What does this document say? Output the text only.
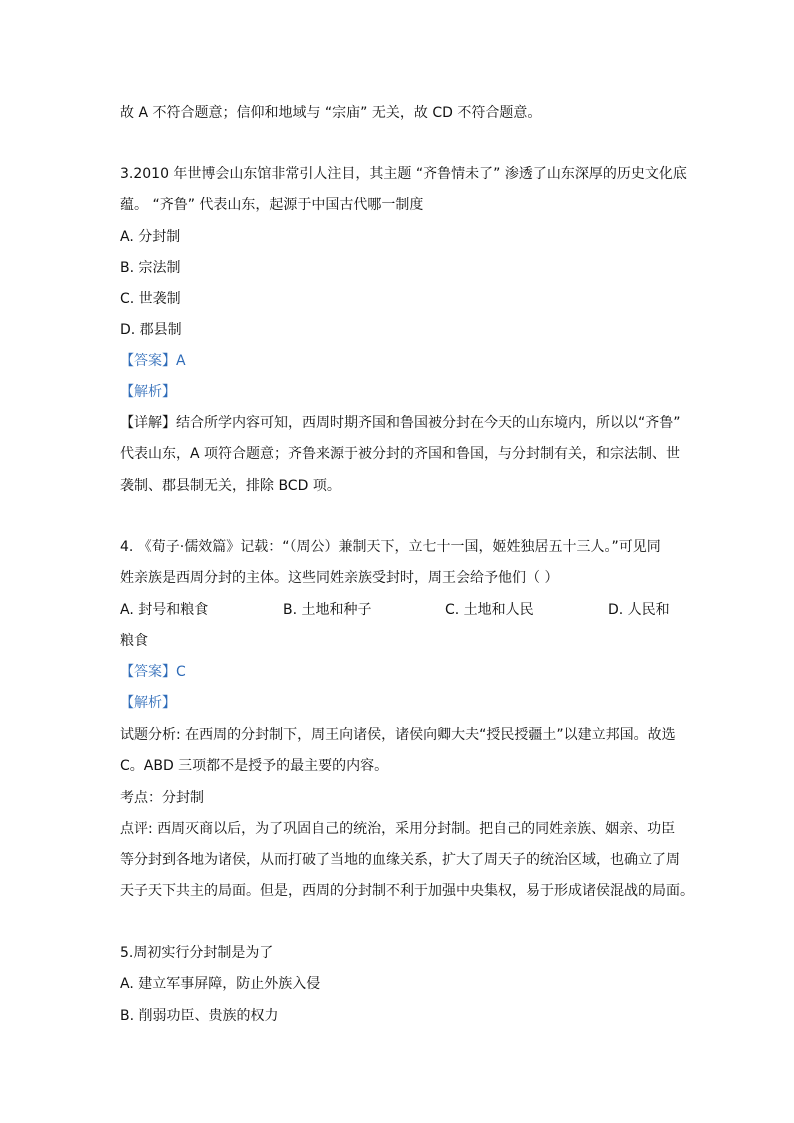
故 A 不符合题意；信仰和地域与 “宗庙” 无关，故 CD 不符合题意。
3.2010 年世博会山东馆非常引人注目，其主题 “齐鲁情未了” 渗透了山东深厚的历史文化底
蕴。 “齐鲁” 代表山东，起源于中国古代哪一制度
A. 分封制
B. 宗法制
C. 世袭制
D. 郡县制
【答案】A
【解析】
【详解】结合所学内容可知，西周时期齐国和鲁国被分封在今天的山东境内，所以以“齐鲁”
代表山东，A 项符合题意；齐鲁来源于被分封的齐国和鲁国，与分封制有关，和宗法制、世
袭制、郡县制无关，排除 BCD 项。
4. 《荀子·儒效篇》记载：“（周公）兼制天下，立七十一国，姬姓独居五十三人。”可见同
姓亲族是西周分封的主体。这些同姓亲族受封时，周王会给予他们（ ）
A. 封号和粮食	B. 土地和种子	C. 土地和人民	D. 人民和
粮食
【答案】C
【解析】
试题分析: 在西周的分封制下，周王向诸侯，诸侯向卿大夫“授民授疆土”以建立邦国。故选
C。ABD 三项都不是授予的最主要的内容。
考点：分封制
点评: 西周灭商以后，为了巩固自己的统治，采用分封制。把自己的同姓亲族、姻亲、功臣
等分封到各地为诸侯，从而打破了当地的血缘关系，扩大了周天子的统治区域，也确立了周
天子天下共主的局面。但是，西周的分封制不利于加强中央集权，易于形成诸侯混战的局面。
5.周初实行分封制是为了
A. 建立军事屏障，防止外族入侵
B. 削弱功臣、贵族的权力
